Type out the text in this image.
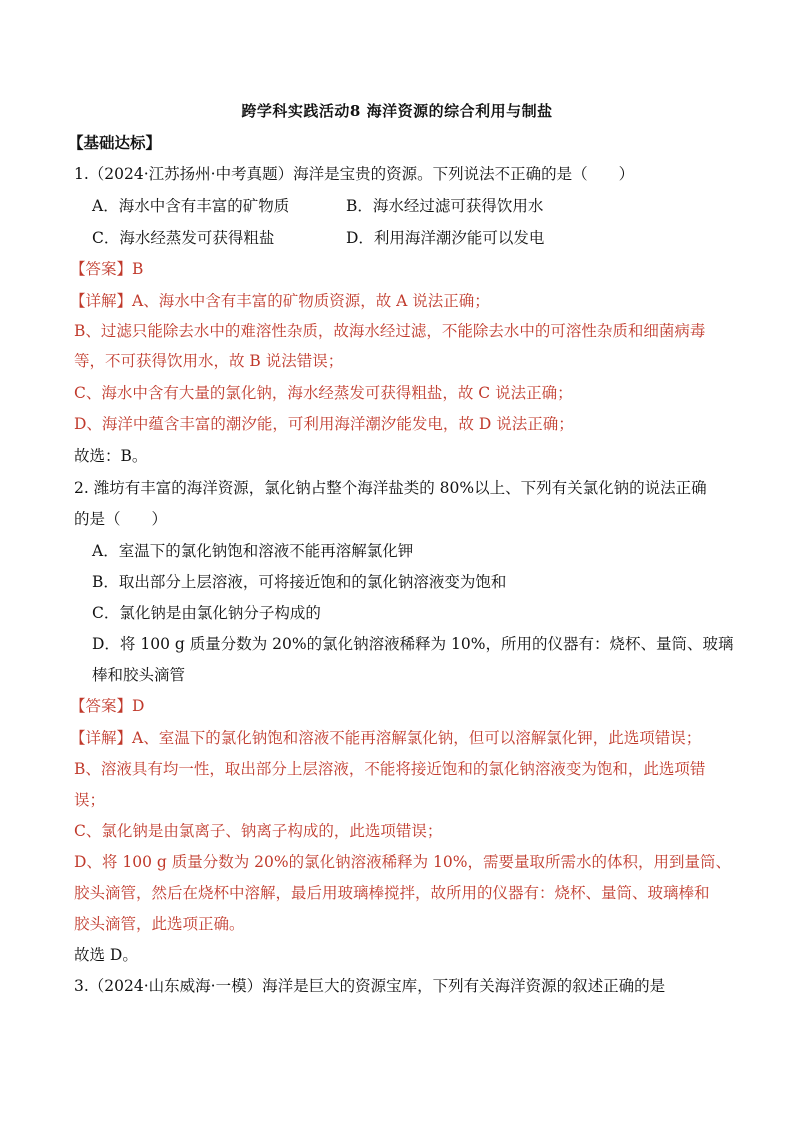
跨学科实践活动8 海洋资源的综合利用与制盐
【基础达标】
1.（2024·江苏扬州·中考真题）海洋是宝贵的资源。下列说法不正确的是（　　）
A．海水中含有丰富的矿物质	B．海水经过滤可获得饮用水
C．海水经蒸发可获得粗盐	D．利用海洋潮汐能可以发电
【答案】B
【详解】A、海水中含有丰富的矿物质资源，故 A 说法正确；
B、过滤只能除去水中的难溶性杂质，故海水经过滤，不能除去水中的可溶性杂质和细菌病毒
等，不可获得饮用水，故 B 说法错误；
C、海水中含有大量的氯化钠，海水经蒸发可获得粗盐，故 C 说法正确；
D、海洋中蕴含丰富的潮汐能，可利用海洋潮汐能发电，故 D 说法正确；
故选：B。
2. 潍坊有丰富的海洋资源，氯化钠占整个海洋盐类的 80%以上、下列有关氯化钠的说法正确
的是（　　）
A．室温下的氯化钠饱和溶液不能再溶解氯化钾
B．取出部分上层溶液，可将接近饱和的氯化钠溶液变为饱和
C．氯化钠是由氯化钠分子构成的
D．将 100 g 质量分数为 20%的氯化钠溶液稀释为 10%，所用的仪器有：烧杯、量筒、玻璃
棒和胶头滴管
【答案】D
【详解】A、室温下的氯化钠饱和溶液不能再溶解氯化钠，但可以溶解氯化钾，此选项错误；
B、溶液具有均一性，取出部分上层溶液，不能将接近饱和的氯化钠溶液变为饱和，此选项错
误；
C、氯化钠是由氯离子、钠离子构成的，此选项错误；
D、将 100 g 质量分数为 20%的氯化钠溶液稀释为 10%，需要量取所需水的体积，用到量筒、
胶头滴管，然后在烧杯中溶解，最后用玻璃棒搅拌，故所用的仪器有：烧杯、量筒、玻璃棒和
胶头滴管，此选项正确。
故选 D。
3.（2024·山东威海·一模）海洋是巨大的资源宝库，下列有关海洋资源的叙述正确的是
